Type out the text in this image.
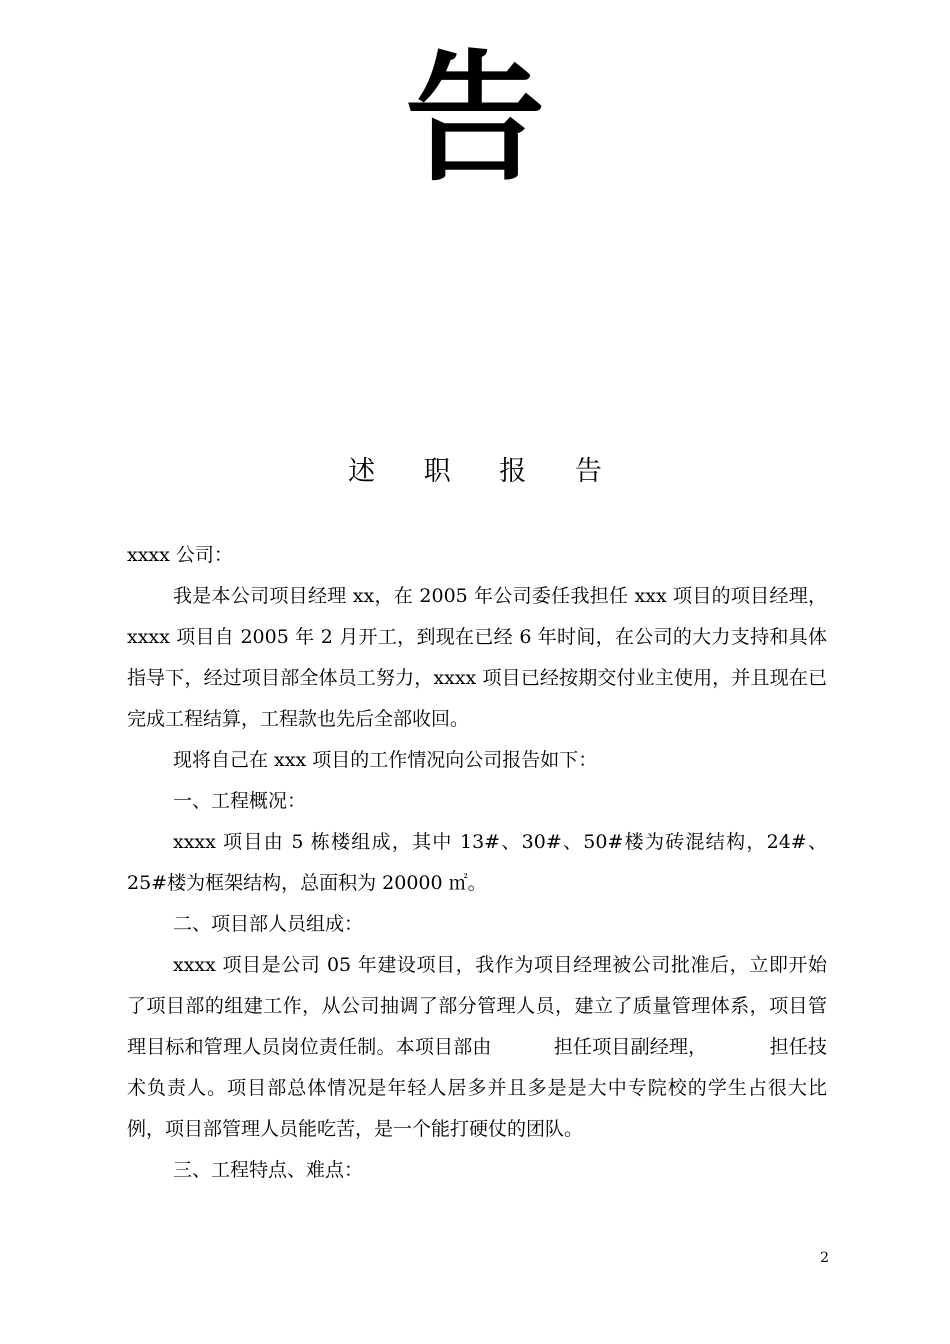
告
述 职 报 告

xxxx 公司：

我是本公司项目经理 xx，在 2005 年公司委任我担任 xxx 项目的项目经理，xxxx 项目自 2005 年 2 月开工，到现在已经 6 年时间，在公司的大力支持和具体指导下，经过项目部全体员工努力，xxxx 项目已经按期交付业主使用，并且现在已完成工程结算，工程款也先后全部收回。

现将自己在 xxx 项目的工作情况向公司报告如下：

一、工程概况：

xxxx 项目由 5 栋楼组成，其中 13#、30#、50#楼为砖混结构，24#、25#楼为框架结构，总面积为 20000 ㎡。

二、项目部人员组成：

xxxx 项目是公司 05 年建设项目，我作为项目经理被公司批准后，立即开始了项目部的组建工作，从公司抽调了部分管理人员，建立了质量管理体系，项目管理目标和管理人员岗位责任制。本项目部由          担任项目副经理，          担任技术负责人。项目部总体情况是年轻人居多并且多是是大中专院校的学生占很大比例，项目部管理人员能吃苦，是一个能打硬仗的团队。

三、工程特点、难点：

2
